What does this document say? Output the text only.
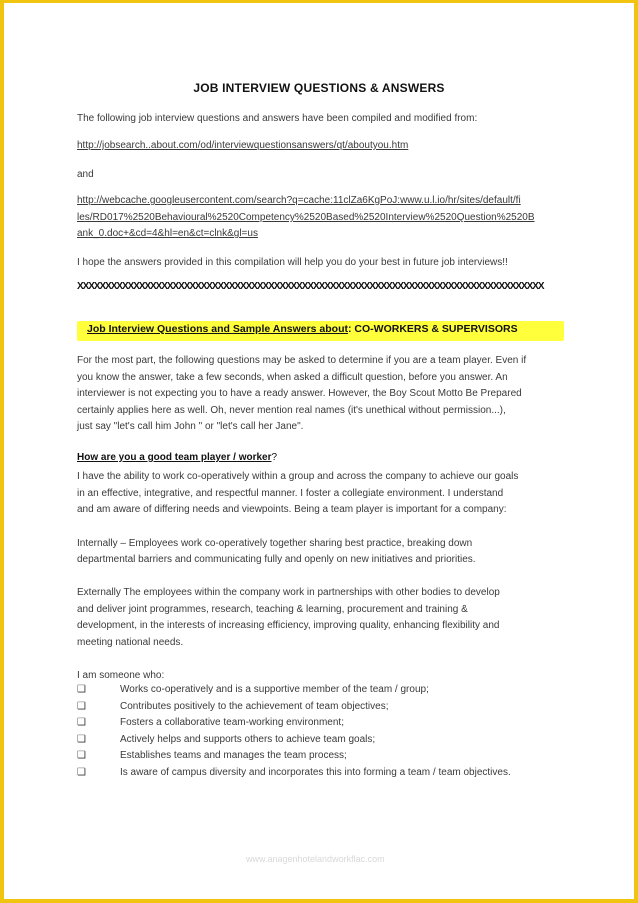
JOB INTERVIEW QUESTIONS & ANSWERS
The following job interview questions and answers have been compiled and modified from:
http://jobsearch..about.com/od/interviewquestionsanswers/qt/aboutyou.htm
and
http://webcache.googleusercontent.com/search?q=cache:11clZa6KgPoJ:www.u.l.io/hr/sites/default/fi
les/RD017%2520Behavioural%2520Competency%2520Based%2520Interview%2520Question%2520B
ank_0.doc+&cd=4&hl=en&ct=clnk&gl=us
I hope the answers provided in this compilation will help you do your best in future job interviews!!
XXXXXXXXXXXXXXXXXXXXXXXXXXXXXXXXXXXXXXXXXXXXXXXXXXXXXXXXXXXXXXXXXXXXXXXXXXXXXXXXXXX
Job Interview Questions and Sample Answers about: CO-WORKERS & SUPERVISORS
For the most part, the following questions may be asked to determine if you are a team player. Even if
you know the answer, take a few seconds, when asked a difficult question, before you answer. An
interviewer is not expecting you to have a ready answer. However, the Boy Scout Motto Be Prepared
certainly applies here as well. Oh, never mention real names (it's unethical without permission...),
just say "let's call him John " or "let's call her Jane".
How are you a good team player / worker?
I have the ability to work co-operatively within a group and across the company to achieve our goals
in an effective, integrative, and respectful manner. I foster a collegiate environment. I understand
and am aware of differing needs and viewpoints. Being a team player is important for a company:
Internally – Employees work co-operatively together sharing best practice, breaking down
departmental barriers and communicating fully and openly on new initiatives and priorities.
Externally The employees within the company work in partnerships with other bodies to develop
and deliver joint programmes, research, teaching & learning, procurement and training &
development, in the interests of increasing efficiency, improving quality, enhancing flexibility and
meeting national needs.
I am someone who:
❑	Works co-operatively and is a supportive member of the team / group;
❑	Contributes positively to the achievement of team objectives;
❑	Fosters a collaborative team-working environment;
❑	Actively helps and supports others to achieve team goals;
❑	Establishes teams and manages the team process;
❑	Is aware of campus diversity and incorporates this into forming a team / team objectives.
www.anagenhotelandworkflac.com
